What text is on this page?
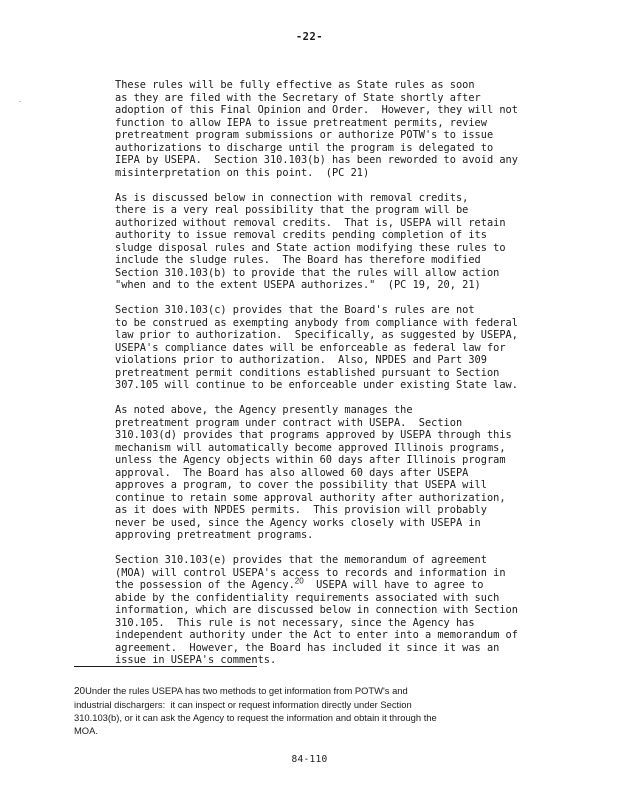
·
-22-
These rules will be fully effective as State rules as soon
as they are filed with the Secretary of State shortly after
adoption of this Final Opinion and Order.  However, they will not
function to allow IEPA to issue pretreatment permits, review
pretreatment program submissions or authorize POTW's to issue
authorizations to discharge until the program is delegated to
IEPA by USEPA.  Section 310.103(b) has been reworded to avoid any
misinterpretation on this point.  (PC 21)
As is discussed below in connection with removal credits,
there is a very real possibility that the program will be
authorized without removal credits.  That is, USEPA will retain
authority to issue removal credits pending completion of its
sludge disposal rules and State action modifying these rules to
include the sludge rules.  The Board has therefore modified
Section 310.103(b) to provide that the rules will allow action
"when and to the extent USEPA authorizes."  (PC 19, 20, 21)
Section 310.103(c) provides that the Board's rules are not
to be construed as exempting anybody from compliance with federal
law prior to authorization.  Specifically, as suggested by USEPA,
USEPA's compliance dates will be enforceable as federal law for
violations prior to authorization.  Also, NPDES and Part 309
pretreatment permit conditions established pursuant to Section
307.105 will continue to be enforceable under existing State law.
As noted above, the Agency presently manages the
pretreatment program under contract with USEPA.  Section
310.103(d) provides that programs approved by USEPA through this
mechanism will automatically become approved Illinois programs,
unless the Agency objects within 60 days after Illinois program
approval.  The Board has also allowed 60 days after USEPA
approves a program, to cover the possibility that USEPA will
continue to retain some approval authority after authorization,
as it does with NPDES permits.  This provision will probably
never be used, since the Agency works closely with USEPA in
approving pretreatment programs.
Section 310.103(e) provides that the memorandum of agreement
(MOA) will control USEPA's access to records and information in
the possession of the Agency.$^{20}$  USEPA will have to agree to
abide by the confidentiality requirements associated with such
information, which are discussed below in connection with Section
310.105.  This rule is not necessary, since the Agency has
independent authority under the Act to enter into a memorandum of
agreement.  However, the Board has included it since it was an
issue in USEPA's comments.
20Under the rules USEPA has two methods to get information from POTW's and
industrial dischargers:  it can inspect or request information directly under Section
310.103(b), or it can ask the Agency to request the information and obtain it through the
MOA.
84-110
